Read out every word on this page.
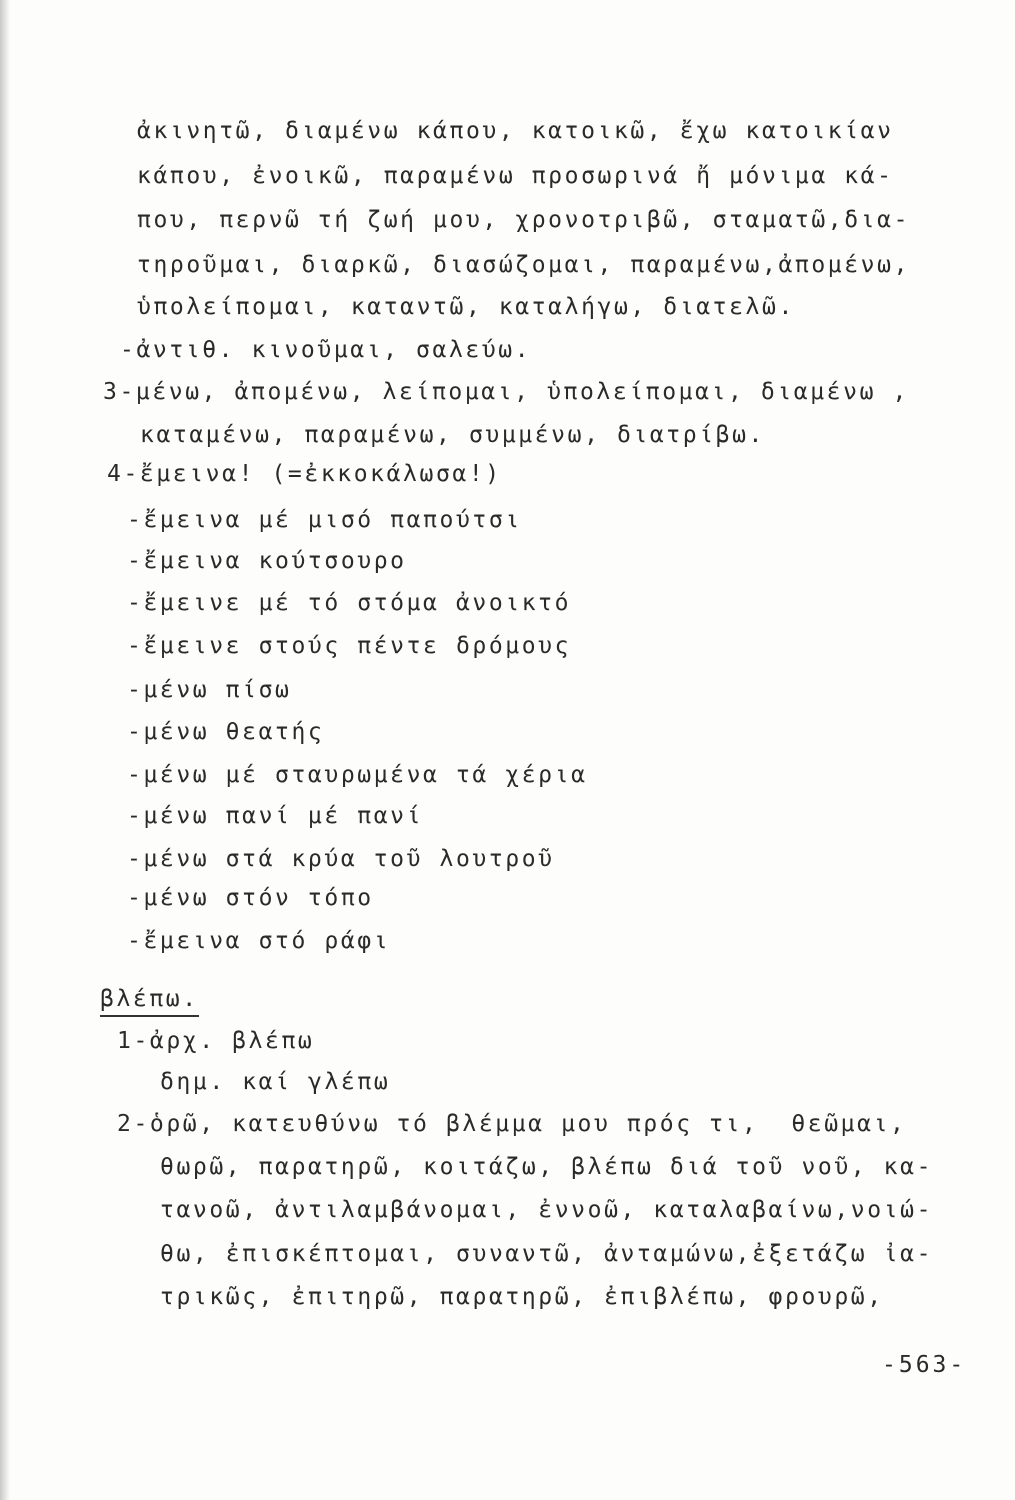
ἀκινητῶ, διαμένω κάπου, κατοικῶ, ἔχω κατοικίαν
κάπου, ἐνοικῶ, παραμένω προσωρινά ἤ μόνιμα κά-
που, περνῶ τή ζωή μου, χρονοτριβῶ, σταματῶ,δια-
τηροῦμαι, διαρκῶ, διασώζομαι, παραμένω,ἀπομένω,
ὑπολείπομαι, καταντῶ, καταλήγω, διατελῶ.
-ἀντιθ. κινοῦμαι, σαλεύω.
3-μένω, ἀπομένω, λείπομαι, ὑπολείπομαι, διαμένω ,
καταμένω, παραμένω, συμμένω, διατρίβω.
4-ἔμεινα! (=ἐκκοκάλωσα!)
-ἔμεινα μέ μισό παπούτσι
-ἔμεινα κούτσουρο
-ἔμεινε μέ τό στόμα ἀνοικτό
-ἔμεινε στούς πέντε δρόμους
-μένω πίσω
-μένω θεατής
-μένω μέ σταυρωμένα τά χέρια
-μένω πανί μέ πανί
-μένω στά κρύα τοῦ λουτροῦ
-μένω στόν τόπο
-ἔμεινα στό ράφι
βλέπω.
1-ἀρχ. βλέπω
δημ. καί γλέπω
2-ὁρῶ, κατευθύνω τό βλέμμα μου πρός τι,  θεῶμαι,
θωρῶ, παρατηρῶ, κοιτάζω, βλέπω διά τοῦ νοῦ, κα-
τανοῶ, ἀντιλαμβάνομαι, ἐννοῶ, καταλαβαίνω,νοιώ-
θω, ἐπισκέπτομαι, συναντῶ, ἀνταμώνω,ἐξετάζω ἰα-
τρικῶς, ἐπιτηρῶ, παρατηρῶ, ἐπιβλέπω, φρουρῶ,
-563-
